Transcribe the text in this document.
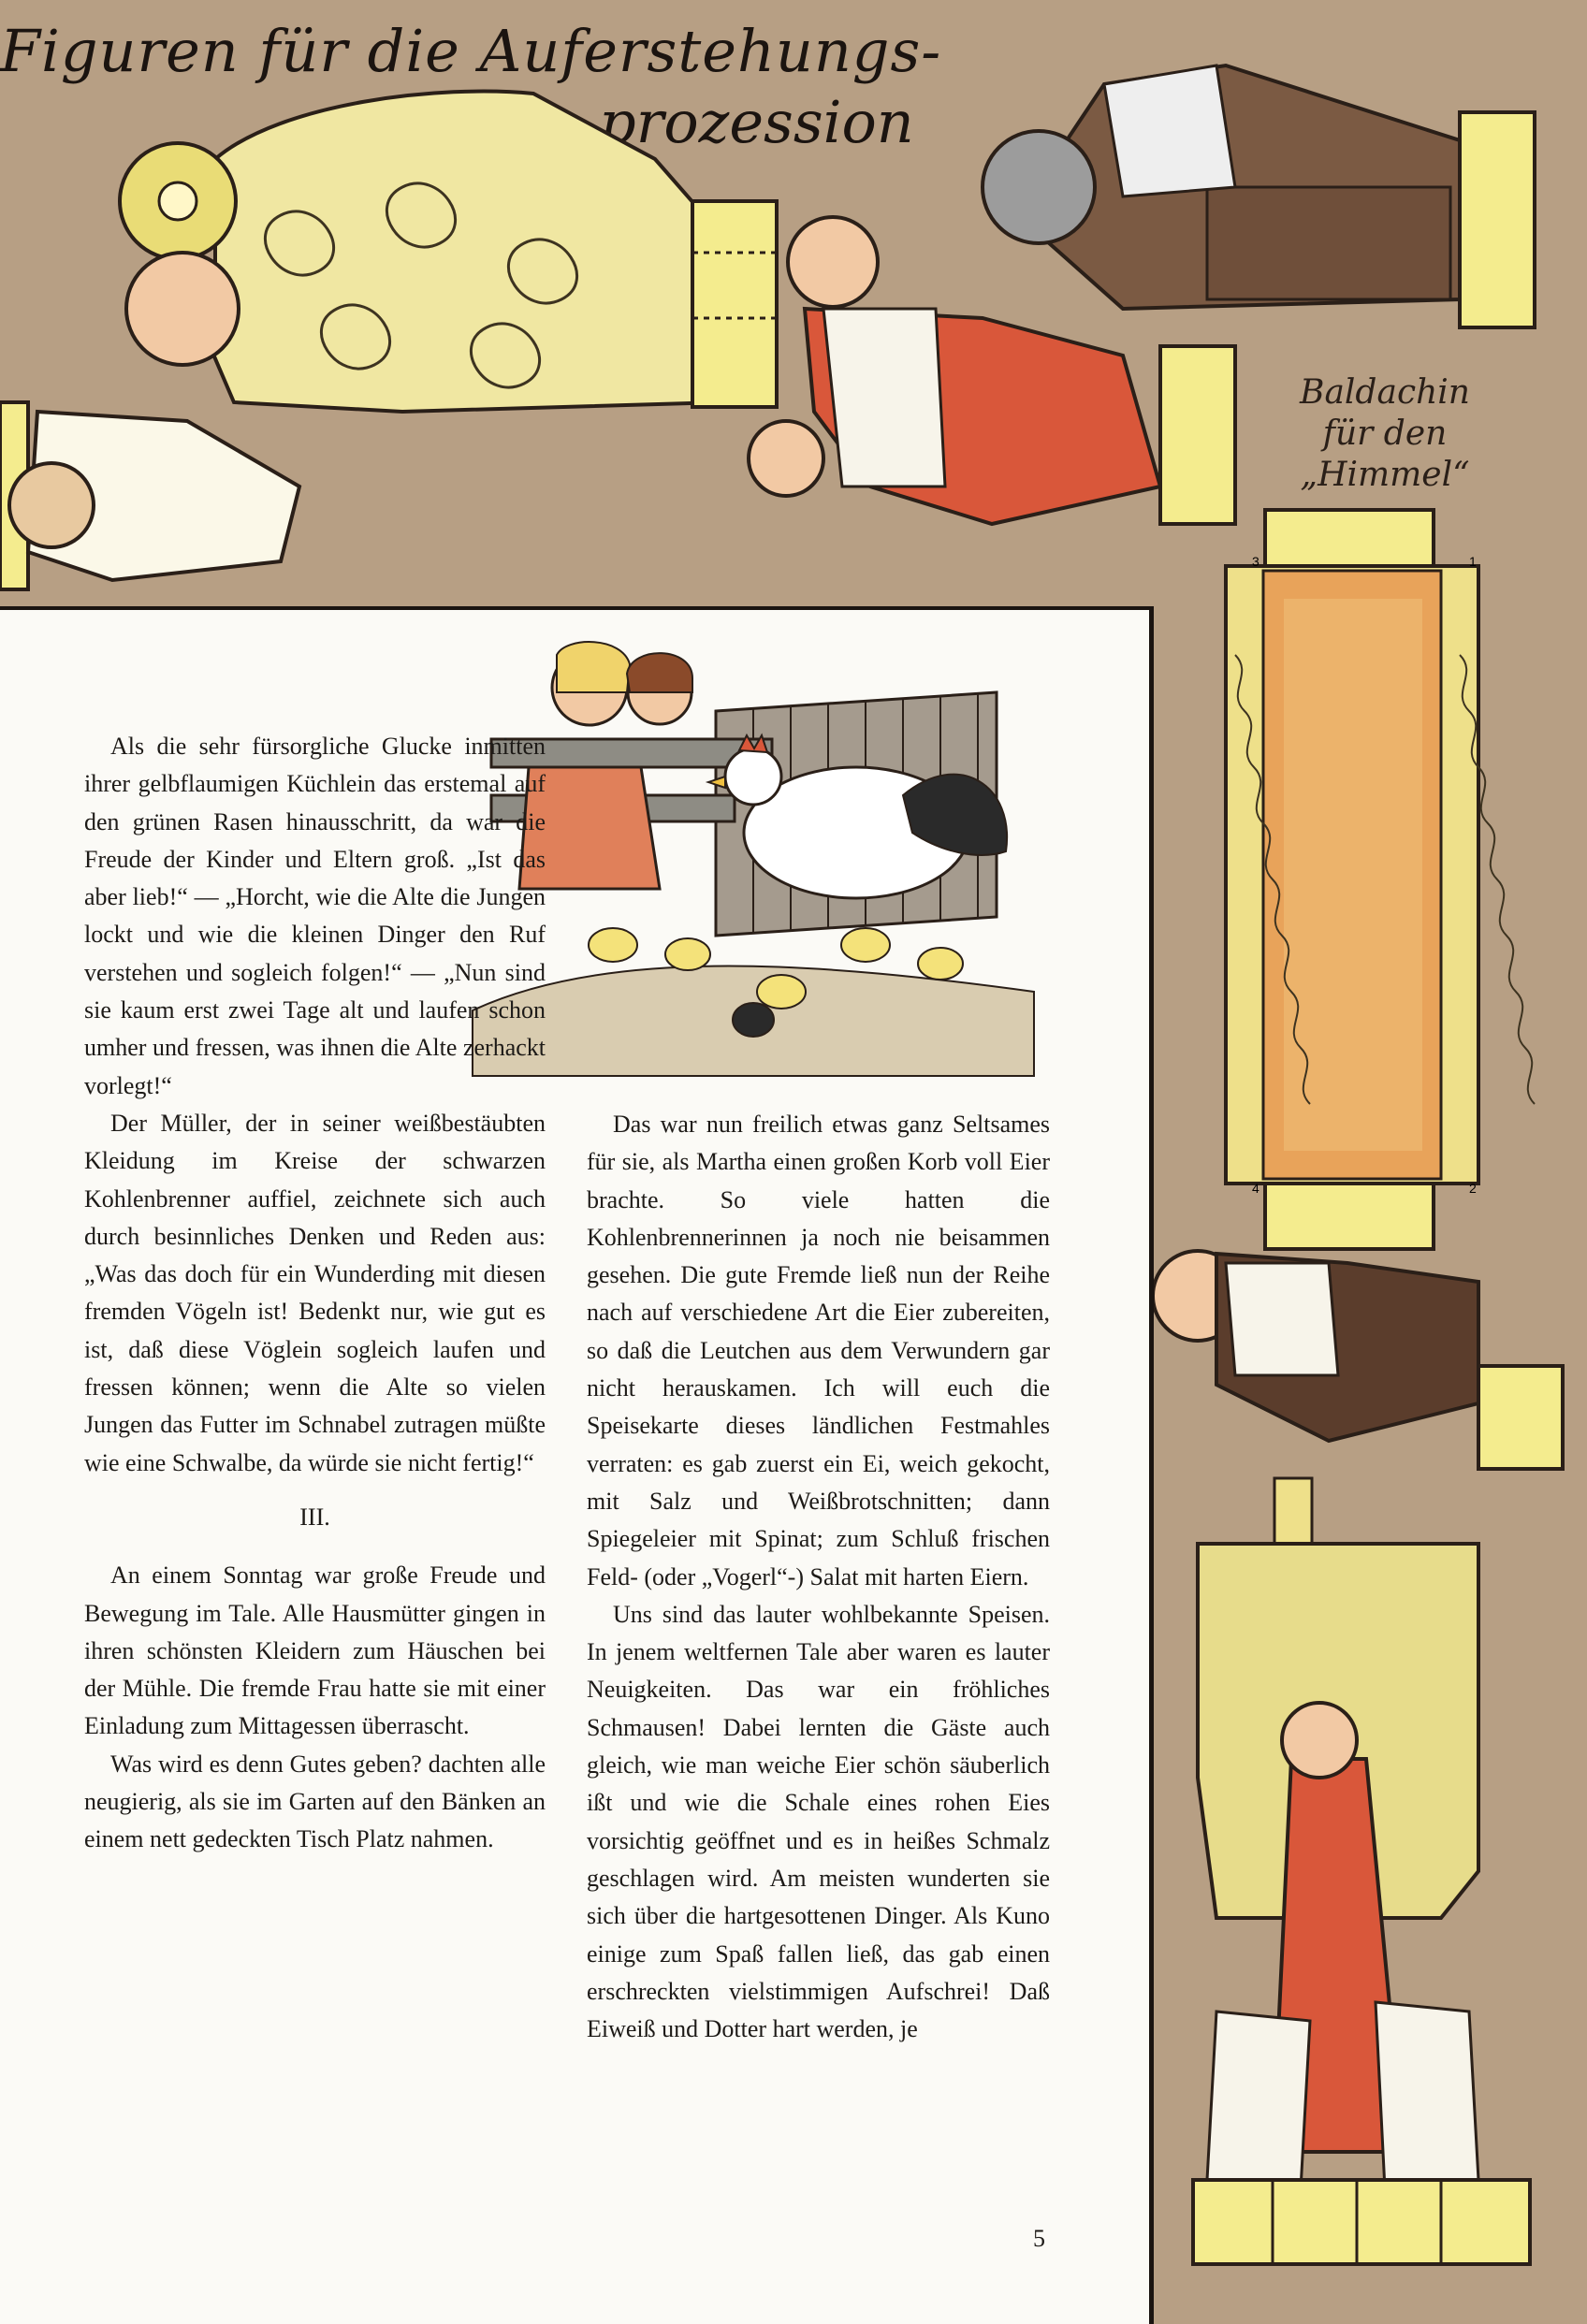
Figuren für die Auferstehungs-
prozession
Baldachin
für den
„Himmel“
3	1
4	2

Als die sehr fürsorgliche Glucke inmitten ihrer gelbflaumigen Küchlein das erstemal auf den grünen Rasen hinausschritt, da war die Freude der Kinder und Eltern groß. „Ist das aber lieb!“ — „Horcht, wie die Alte die Jungen lockt und wie die kleinen Dinger den Ruf verstehen und sogleich folgen!“ — „Nun sind sie kaum erst zwei Tage alt und laufen schon umher und fressen, was ihnen die Alte zerhackt vorlegt!“

Der Müller, der in seiner weißbestäubten Kleidung im Kreise der schwarzen Kohlenbrenner auffiel, zeichnete sich auch durch besinnliches Denken und Reden aus: „Was das doch für ein Wunderding mit diesen fremden Vögeln ist! Bedenkt nur, wie gut es ist, daß diese Vöglein sogleich laufen und fressen können; wenn die Alte so vielen Jungen das Futter im Schnabel zutragen müßte wie eine Schwalbe, da würde sie nicht fertig!“

III.

An einem Sonntag war große Freude und Bewegung im Tale. Alle Hausmütter gingen in ihren schönsten Kleidern zum Häuschen bei der Mühle. Die fremde Frau hatte sie mit einer Einladung zum Mittagessen überrascht.

Was wird es denn Gutes geben? dachten alle neugierig, als sie im Garten auf den Bänken an einem nett gedeckten Tisch Platz nahmen.

Das war nun freilich etwas ganz Seltsames für sie, als Martha einen großen Korb voll Eier brachte. So viele hatten die Kohlenbrennerinnen ja noch nie beisammen gesehen. Die gute Fremde ließ nun der Reihe nach auf verschiedene Art die Eier zubereiten, so daß die Leutchen aus dem Verwundern gar nicht herauskamen. Ich will euch die Speisekarte dieses ländlichen Festmahles verraten: es gab zuerst ein Ei, weich gekocht, mit Salz und Weißbrotschnitten; dann Spiegeleier mit Spinat; zum Schluß frischen Feld- (oder „Vogerl“-) Salat mit harten Eiern.

Uns sind das lauter wohlbekannte Speisen. In jenem weltfernen Tale aber waren es lauter Neuigkeiten. Das war ein fröhliches Schmausen! Dabei lernten die Gäste auch gleich, wie man weiche Eier schön säuberlich ißt und wie die Schale eines rohen Eies vorsichtig geöffnet und es in heißes Schmalz geschlagen wird. Am meisten wunderten sie sich über die hartgesottenen Dinger. Als Kuno einige zum Spaß fallen ließ, das gab einen erschreckten vielstimmigen Aufschrei! Daß Eiweiß und Dotter hart werden, je

5
